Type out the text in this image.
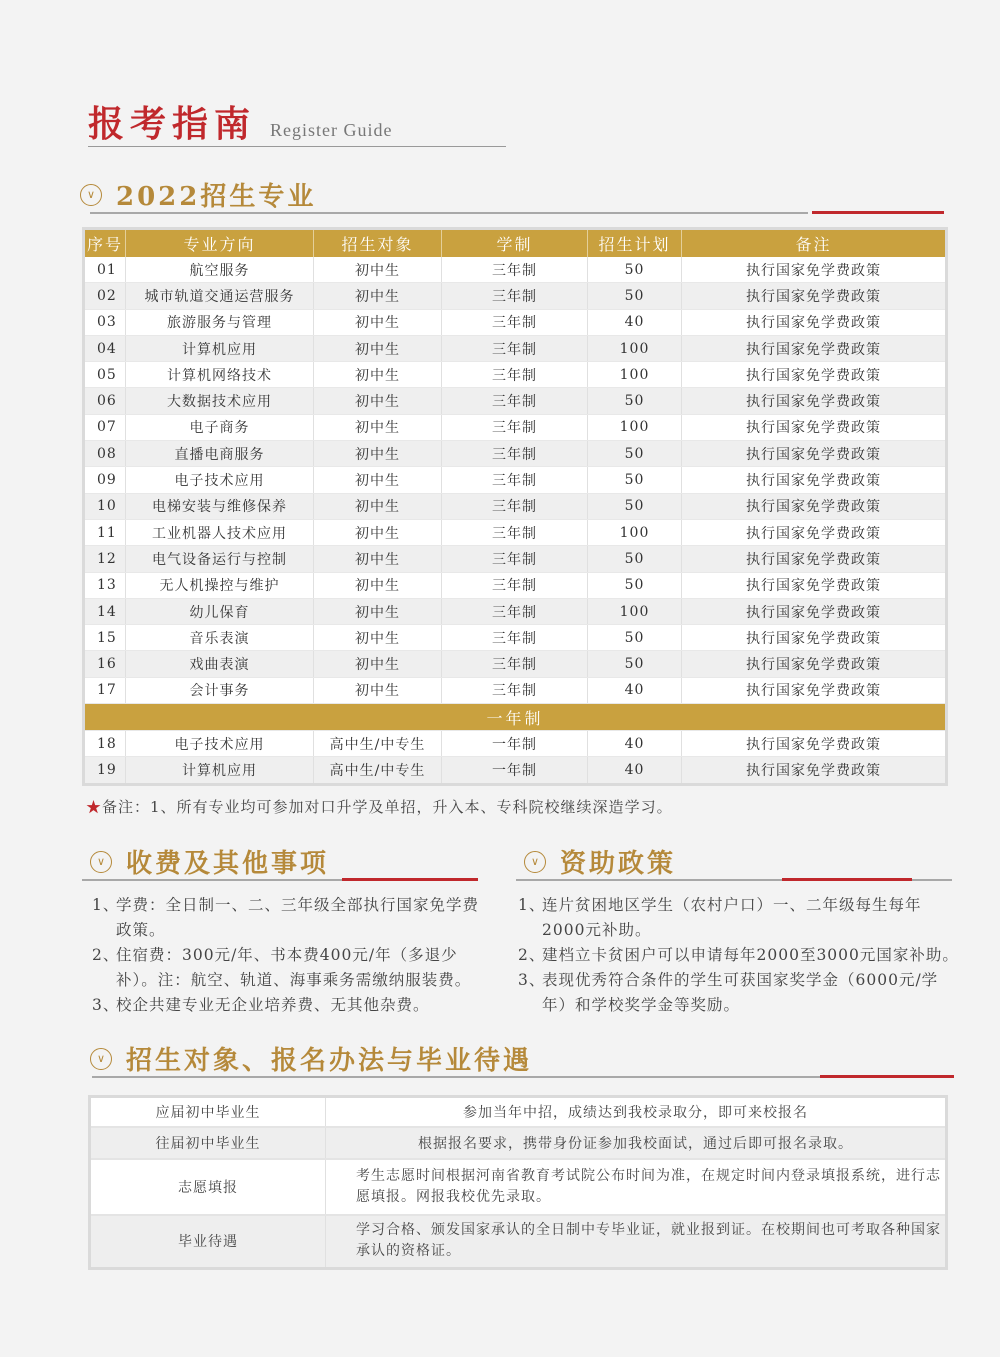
报考指南 Register Guide
∨ 2022招生专业
序号	专业方向	招生对象	学制	招生计划	备注
01	航空服务	初中生	三年制	50	执行国家免学费政策
02	城市轨道交通运营服务	初中生	三年制	50	执行国家免学费政策
03	旅游服务与管理	初中生	三年制	40	执行国家免学费政策
04	计算机应用	初中生	三年制	100	执行国家免学费政策
05	计算机网络技术	初中生	三年制	100	执行国家免学费政策
06	大数据技术应用	初中生	三年制	50	执行国家免学费政策
07	电子商务	初中生	三年制	100	执行国家免学费政策
08	直播电商服务	初中生	三年制	50	执行国家免学费政策
09	电子技术应用	初中生	三年制	50	执行国家免学费政策
10	电梯安装与维修保养	初中生	三年制	50	执行国家免学费政策
11	工业机器人技术应用	初中生	三年制	100	执行国家免学费政策
12	电气设备运行与控制	初中生	三年制	50	执行国家免学费政策
13	无人机操控与维护	初中生	三年制	50	执行国家免学费政策
14	幼儿保育	初中生	三年制	100	执行国家免学费政策
15	音乐表演	初中生	三年制	50	执行国家免学费政策
16	戏曲表演	初中生	三年制	50	执行国家免学费政策
17	会计事务	初中生	三年制	40	执行国家免学费政策
一年制					
18	电子技术应用	高中生/中专生	一年制	40	执行国家免学费政策
19	计算机应用	高中生/中专生	一年制	40	执行国家免学费政策
★备注：1、所有专业均可参加对口升学及单招，升入本、专科院校继续深造学习。
∨ 收费及其他事项
1、
学费：全日制一、二、三年级全部执行国家免学费政策。
2、
住宿费：300元/年、书本费400元/年（多退少补）。注：航空、轨道、海事乘务需缴纳服装费。
3、
校企共建专业无企业培养费、无其他杂费。
∨ 资助政策
1、
连片贫困地区学生（农村户口）一、二年级每生每年2000元补助。
2、
建档立卡贫困户可以申请每年2000至3000元国家补助。
3、
表现优秀符合条件的学生可获国家奖学金（6000元/学年）和学校奖学金等奖励。
∨ 招生对象、报名办法与毕业待遇
应届初中毕业生	参加当年中招，成绩达到我校录取分，即可来校报名
往届初中毕业生	根据报名要求，携带身份证参加我校面试，通过后即可报名录取。
志愿填报	考生志愿时间根据河南省教育考试院公布时间为准，在规定时间内登录填报系统，进行志愿填报。网报我校优先录取。
毕业待遇	学习合格、颁发国家承认的全日制中专毕业证，就业报到证。在校期间也可考取各种国家承认的资格证。
